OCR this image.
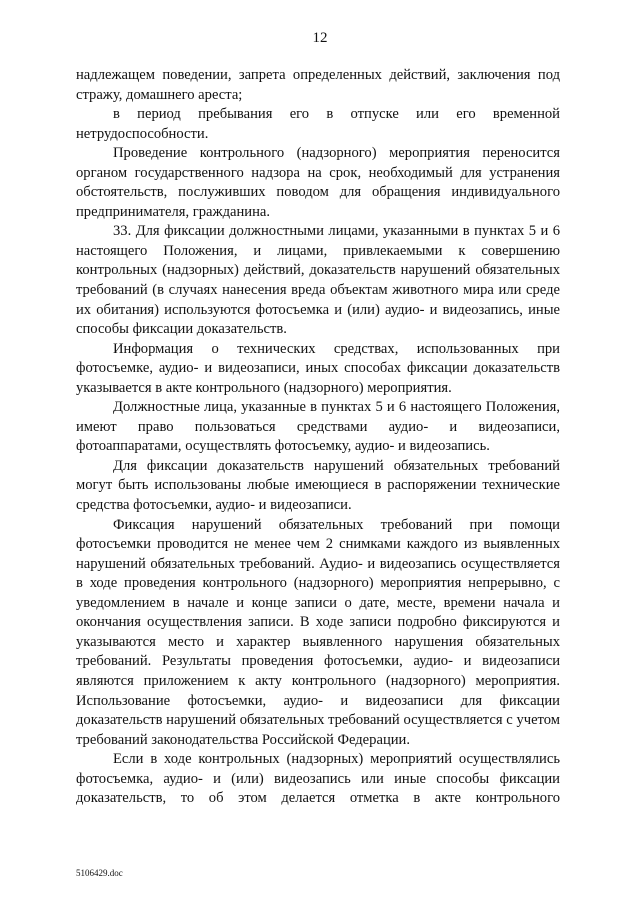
12

надлежащем поведении, запрета определенных действий, заключения под стражу, домашнего ареста;

в период пребывания его в отпуске или его временной нетрудоспособности.

Проведение контрольного (надзорного) мероприятия переносится органом государственного надзора на срок, необходимый для устранения обстоятельств, послуживших поводом для обращения индивидуального предпринимателя, гражданина.

33. Для фиксации должностными лицами, указанными в пунктах 5 и 6 настоящего Положения, и лицами, привлекаемыми к совершению контрольных (надзорных) действий, доказательств нарушений обязательных требований (в случаях нанесения вреда объектам животного мира или среде их обитания) используются фотосъемка и (или) аудио- и видеозапись, иные способы фиксации доказательств.

Информация о технических средствах, использованных при фотосъемке, аудио- и видеозаписи, иных способах фиксации доказательств указывается в акте контрольного (надзорного) мероприятия.

Должностные лица, указанные в пунктах 5 и 6 настоящего Положения, имеют право пользоваться средствами аудио- и видеозаписи, фотоаппаратами, осуществлять фотосъемку, аудио- и видеозапись.

Для фиксации доказательств нарушений обязательных требований могут быть использованы любые имеющиеся в распоряжении технические средства фотосъемки, аудио- и видеозаписи.

Фиксация нарушений обязательных требований при помощи фотосъемки проводится не менее чем 2 снимками каждого из выявленных нарушений обязательных требований. Аудио- и видеозапись осуществляется в ходе проведения контрольного (надзорного) мероприятия непрерывно, с уведомлением в начале и конце записи о дате, месте, времени начала и окончания осуществления записи. В ходе записи подробно фиксируются и указываются место и характер выявленного нарушения обязательных требований. Результаты проведения фотосъемки, аудио- и видеозаписи являются приложением к акту контрольного (надзорного) мероприятия. Использование фотосъемки, аудио- и видеозаписи для фиксации доказательств нарушений обязательных требований осуществляется с учетом требований законодательства Российской Федерации.

Если в ходе контрольных (надзорных) мероприятий осуществлялись фотосъемка, аудио- и (или) видеозапись или иные способы фиксации доказательств, то об этом делается отметка в акте контрольного

5106429.doc
